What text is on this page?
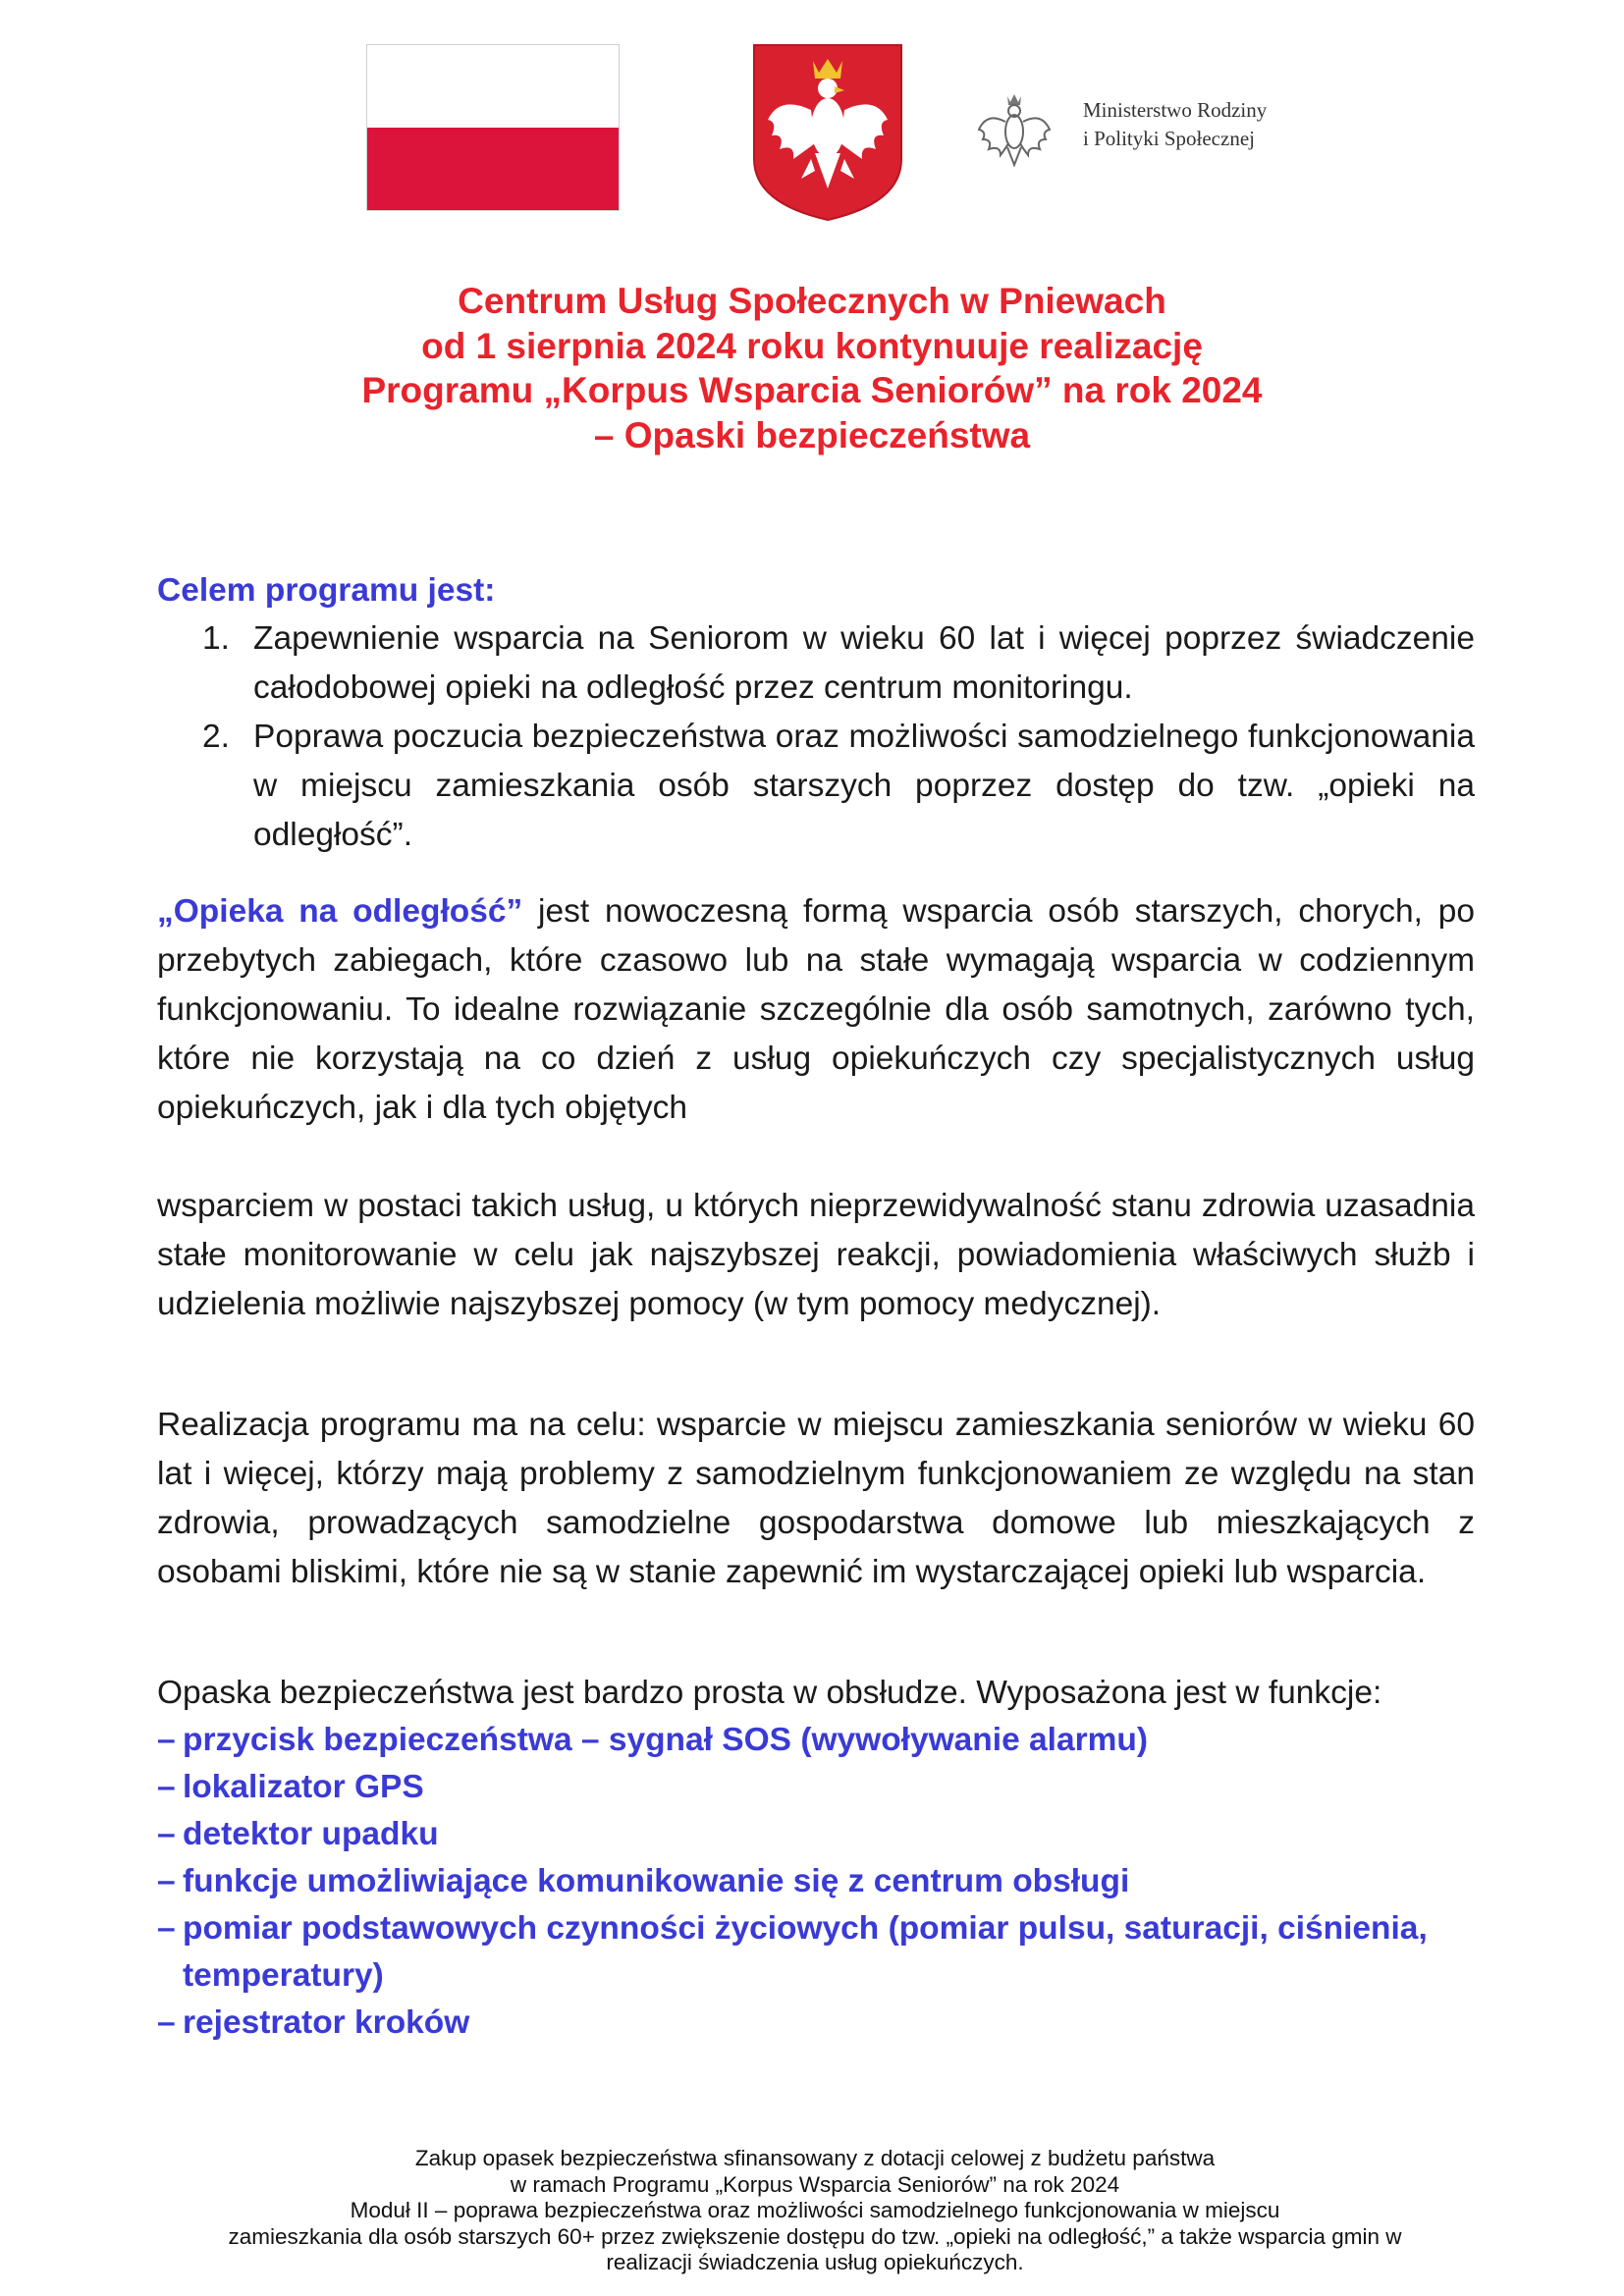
Ministerstwo Rodziny
i Polityki Społecznej
Centrum Usług Społecznych w Pniewach
od 1 sierpnia 2024 roku kontynuuje realizację
Programu „Korpus Wsparcia Seniorów” na rok 2024
– Opaski bezpieczeństwa
Celem programu jest:
1. Zapewnienie wsparcia na Seniorom w wieku 60 lat i więcej poprzez świadczenie całodobowej opieki na odległość przez centrum monitoringu.
2. Poprawa poczucia bezpieczeństwa oraz możliwości samodzielnego funkcjonowania w miejscu zamieszkania osób starszych poprzez dostęp do tzw. „opieki na odległość”.
„Opieka na odległość” jest nowoczesną formą wsparcia osób starszych, chorych, po przebytych zabiegach, które czasowo lub na stałe wymagają wsparcia w codziennym funkcjonowaniu. To idealne rozwiązanie szczególnie dla osób samotnych, zarówno tych, które nie korzystają na co dzień z usług opiekuńczych czy specjalistycznych usług opiekuńczych, jak i dla tych objętych
wsparciem w postaci takich usług, u których nieprzewidywalność stanu zdrowia uzasadnia stałe monitorowanie w celu jak najszybszej reakcji, powiadomienia właściwych służb i udzielenia możliwie najszybszej pomocy (w tym pomocy medycznej).
Realizacja programu ma na celu: wsparcie w miejscu zamieszkania seniorów w wieku 60 lat i więcej, którzy mają problemy z samodzielnym funkcjonowaniem ze względu na stan zdrowia, prowadzących samodzielne gospodarstwa domowe lub mieszkających z osobami bliskimi, które nie są w stanie zapewnić im wystarczającej opieki lub wsparcia.
Opaska bezpieczeństwa jest bardzo prosta w obsłudze. Wyposażona jest w funkcje:
– przycisk bezpieczeństwa – sygnał SOS (wywoływanie alarmu)
– lokalizator GPS
– detektor upadku
– funkcje umożliwiające komunikowanie się z centrum obsługi
– pomiar podstawowych czynności życiowych (pomiar pulsu, saturacji, ciśnienia, temperatury)
– rejestrator kroków
Zakup opasek bezpieczeństwa sfinansowany z dotacji celowej z budżetu państwa
w ramach Programu „Korpus Wsparcia Seniorów” na rok 2024
Moduł II – poprawa bezpieczeństwa oraz możliwości samodzielnego funkcjonowania w miejscu
zamieszkania dla osób starszych 60+ przez zwiększenie dostępu do tzw. „opieki na odległość,” a także wsparcia gmin w
realizacji świadczenia usług opiekuńczych.
